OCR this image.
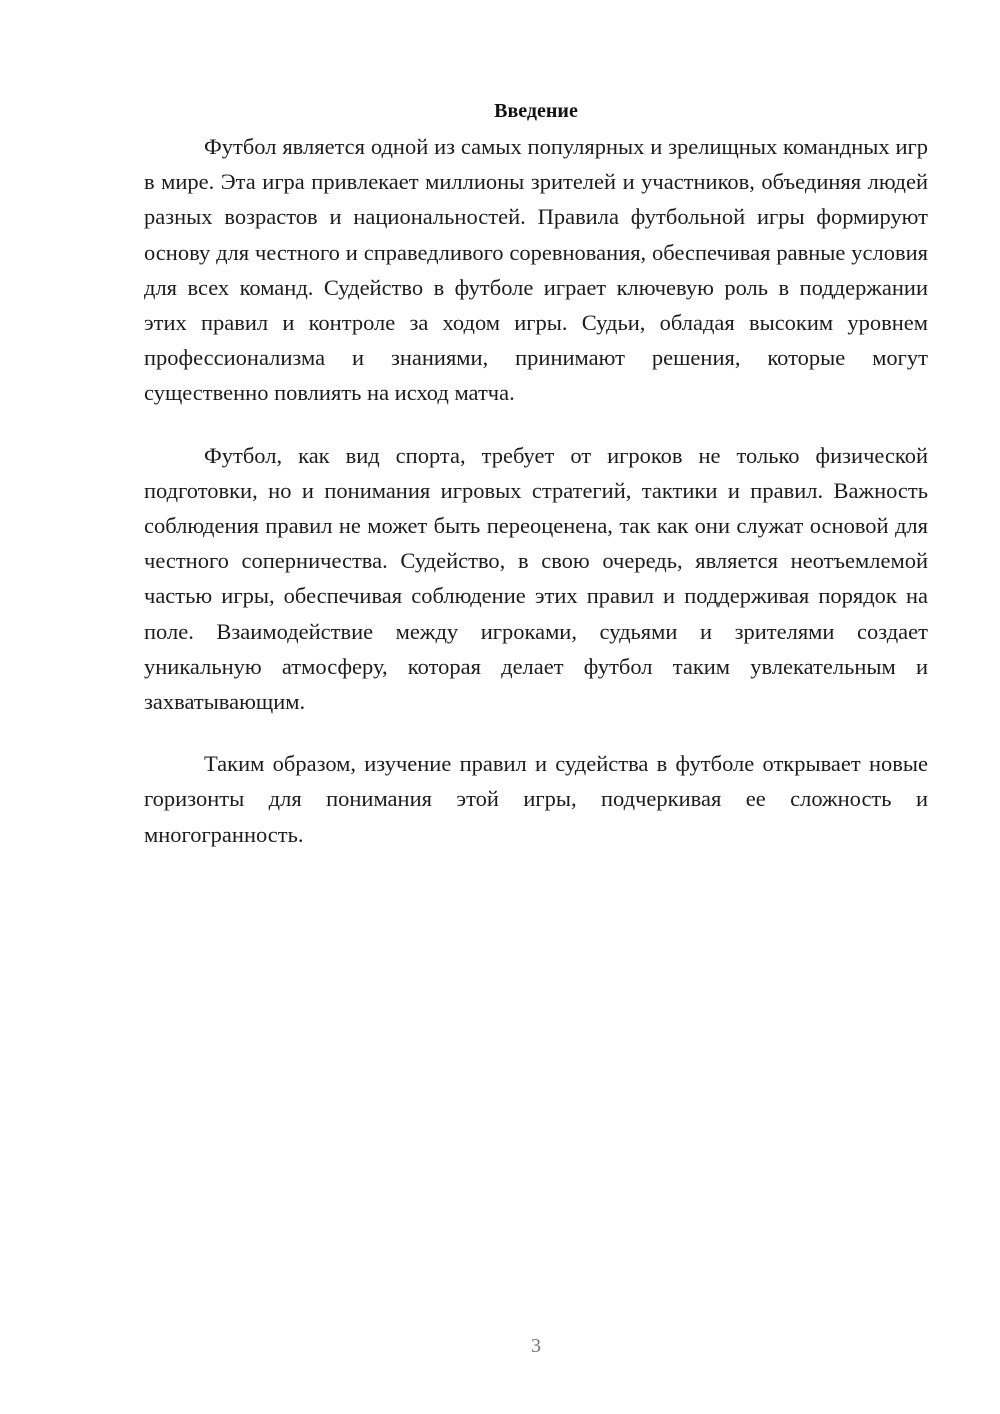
Введение

Футбол является одной из самых популярных и зрелищных командных игр в мире. Эта игра привлекает миллионы зрителей и участников, объединяя людей разных возрастов и национальностей. Правила футбольной игры формируют основу для честного и справедливого соревнования, обеспечивая равные условия для всех команд. Судейство в футболе играет ключевую роль в поддержании этих правил и контроле за ходом игры. Судьи, обладая высоким уровнем профессионализма и знаниями, принимают решения, которые могут существенно повлиять на исход матча.

Футбол, как вид спорта, требует от игроков не только физической подготовки, но и понимания игровых стратегий, тактики и правил. Важность соблюдения правил не может быть переоценена, так как они служат основой для честного соперничества. Судейство, в свою очередь, является неотъемлемой частью игры, обеспечивая соблюдение этих правил и поддерживая порядок на поле. Взаимодействие между игроками, судьями и зрителями создает уникальную атмосферу, которая делает футбол таким увлекательным и захватывающим.

Таким образом, изучение правил и судейства в футболе открывает новые горизонты для понимания этой игры, подчеркивая ее сложность и многогранность.

3
